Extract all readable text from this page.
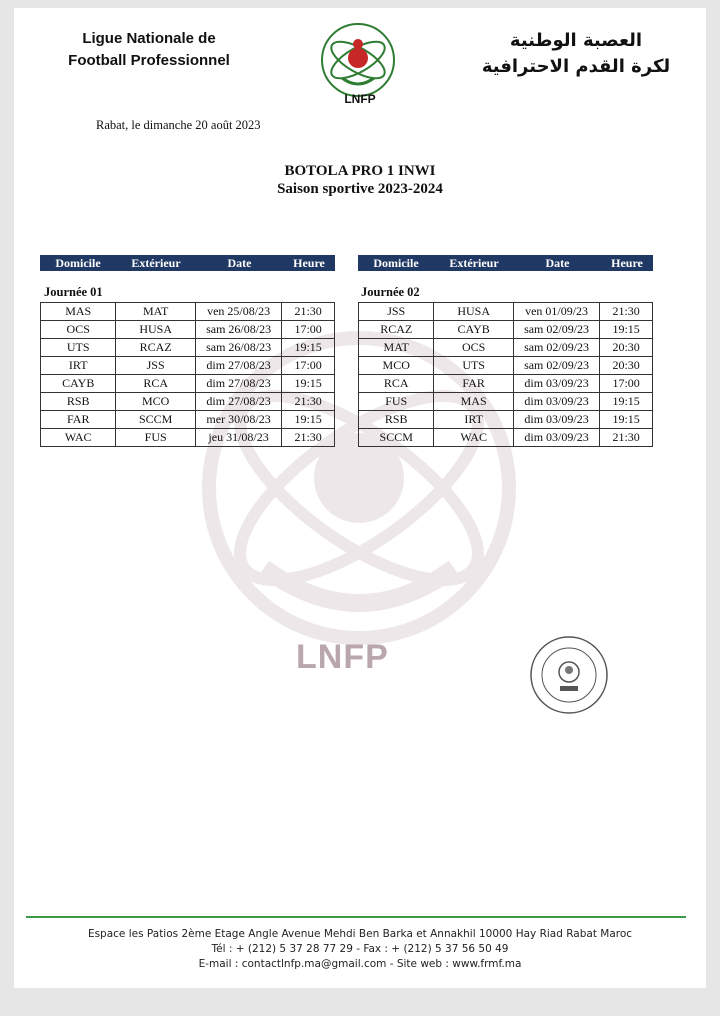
Ligue Nationale de
Football Professionnel
LNFP
العصبة الوطنية
لكرة القدم الاحترافية
Rabat, le dimanche 20 août 2023
BOTOLA PRO 1 INWI
Saison sportive 2023-2024
LNFP
Domicile	Extérieur	Date	Heure	Domicile	Extérieur	Date	Heure
Journée 01	Journée 02
MAS	MAT	ven 25/08/23	21:30
OCS	HUSA	sam 26/08/23	17:00
UTS	RCAZ	sam 26/08/23	19:15
IRT	JSS	dim 27/08/23	17:00
CAYB	RCA	dim 27/08/23	19:15
RSB	MCO	dim 27/08/23	21:30
FAR	SCCM	mer 30/08/23	19:15
WAC	FUS	jeu 31/08/23	21:30
JSS	HUSA	ven 01/09/23	21:30
RCAZ	CAYB	sam 02/09/23	19:15
MAT	OCS	sam 02/09/23	20:30
MCO	UTS	sam 02/09/23	20:30
RCA	FAR	dim 03/09/23	17:00
FUS	MAS	dim 03/09/23	19:15
RSB	IRT	dim 03/09/23	19:15
SCCM	WAC	dim 03/09/23	21:30
Espace les Patios 2ème Etage Angle Avenue Mehdi Ben Barka et Annakhil 10000 Hay Riad Rabat Maroc
Tél : + (212) 5 37 28 77 29 - Fax : + (212) 5 37 56 50 49
E-mail : contactlnfp.ma@gmail.com - Site web : www.frmf.ma
